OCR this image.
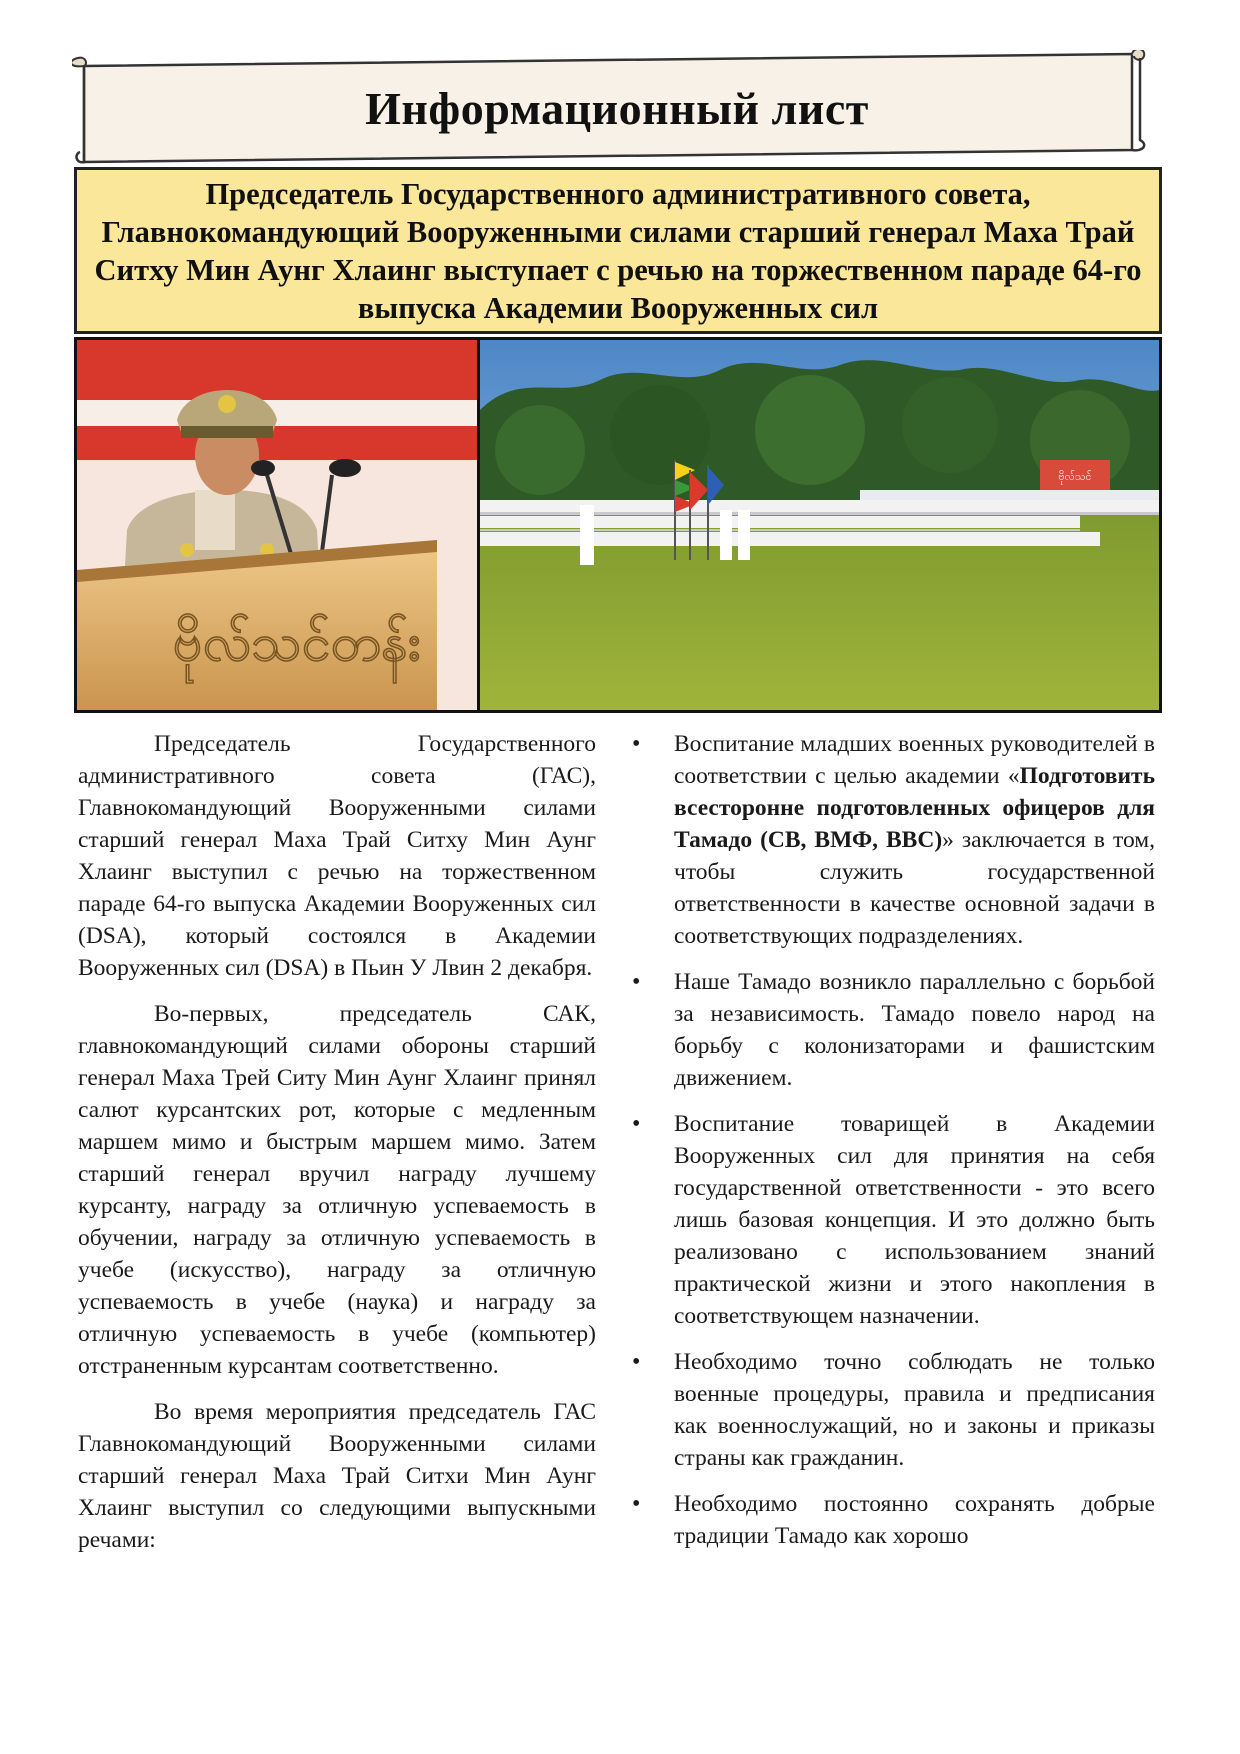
Информационный лист
Председатель Государственного административного совета, Главнокомандующий Вооруженными силами старший генерал Маха Трай Ситху Мин Аунг Хлаинг выступает с речью на торжественном параде 64-го выпуска Академии Вооруженных сил
ဗိုလ်သင်တန်း
ဗိုလ်သင်

Председатель Государственного административного совета (ГАС), Главнокомандующий Вооруженными силами старший генерал Маха Трай Ситху Мин Аунг Хлаинг выступил с речью на торжественном параде 64-го выпуска Академии Вооруженных сил (DSA), который состоялся в Академии Вооруженных сил (DSA) в Пьин У Лвин 2 декабря.

Во-первых, председатель САК, главнокомандующий силами обороны старший генерал Маха Трей Ситу Мин Аунг Хлаинг принял салют курсантских рот, которые с медленным маршем мимо и быстрым маршем мимо. Затем старший генерал вручил награду лучшему курсанту, награду за отличную успеваемость в обучении, награду за отличную успеваемость в учебе (искусство), награду за отличную успеваемость в учебе (наука) и награду за отличную успеваемость в учебе (компьютер) отстраненным курсантам соответственно.

Во время мероприятия председатель ГАС Главнокомандующий Вооруженными силами старший генерал Маха Трай Ситхи Мин Аунг Хлаинг выступил со следующими выпускными речами:

• Воспитание младших военных руководителей в соответствии с целью академии «Подготовить всесторонне подготовленных офицеров для Тамадо (СВ, ВМФ, ВВС)» заключается в том, чтобы служить государственной ответственности в качестве основной задачи в соответствующих подразделениях.
• Наше Тамадо возникло параллельно с борьбой за независимость. Тамадо повело народ на борьбу с колонизаторами и фашистским движением.
• Воспитание товарищей в Академии Вооруженных сил для принятия на себя государственной ответственности - это всего лишь базовая концепция. И это должно быть реализовано с использованием знаний практической жизни и этого накопления в соответствующем назначении.
• Необходимо точно соблюдать не только военные процедуры, правила и предписания как военнослужащий, но и законы и приказы страны как гражданин.
• Необходимо постоянно сохранять добрые традиции Тамадо как хорошо
